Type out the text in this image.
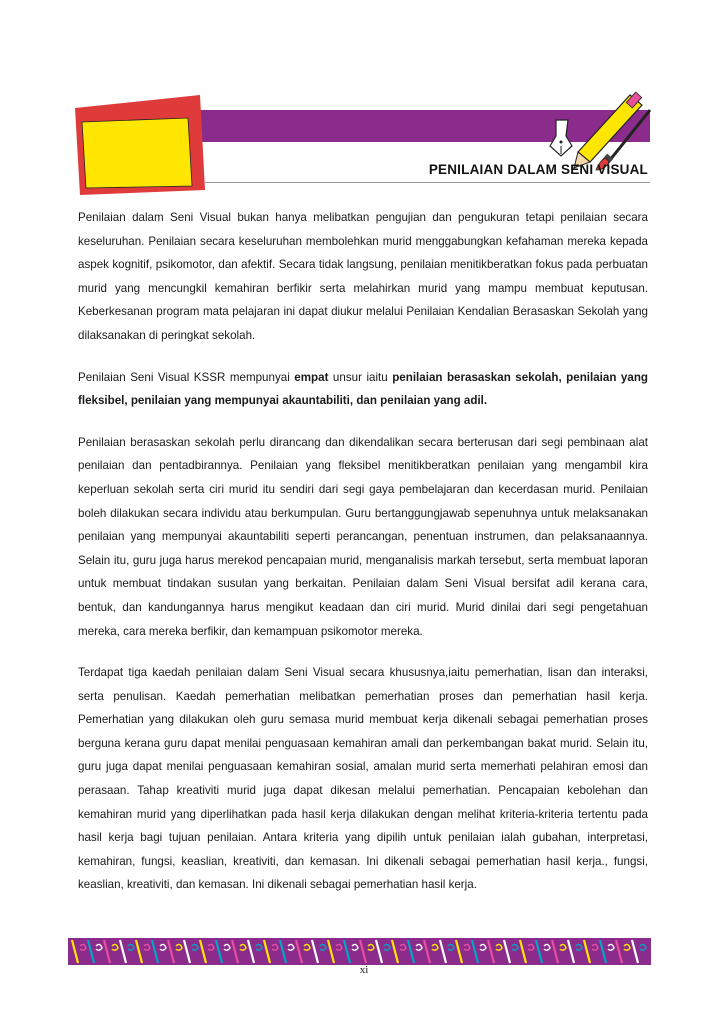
PENILAIAN DALAM SENI VISUAL

Penilaian dalam Seni Visual bukan hanya melibatkan pengujian dan pengukuran tetapi penilaian secara keseluruhan. Penilaian secara keseluruhan membolehkan murid menggabungkan kefahaman mereka kepada aspek kognitif, psikomotor, dan afektif. Secara tidak langsung, penilaian menitikberatkan fokus pada perbuatan murid yang mencungkil kemahiran berfikir serta melahirkan murid yang mampu membuat keputusan. Keberkesanan program mata pelajaran ini dapat diukur melalui Penilaian Kendalian Berasaskan Sekolah yang dilaksanakan di peringkat sekolah.

Penilaian Seni Visual KSSR mempunyai empat unsur iaitu penilaian berasaskan sekolah, penilaian yang fleksibel, penilaian yang mempunyai akauntabiliti, dan penilaian yang adil.

Penilaian berasaskan sekolah perlu dirancang dan dikendalikan secara berterusan dari segi pembinaan alat penilaian dan pentadbirannya. Penilaian yang fleksibel menitikberatkan penilaian yang mengambil kira keperluan sekolah serta ciri murid itu sendiri dari segi gaya pembelajaran dan kecerdasan murid. Penilaian boleh dilakukan secara individu atau berkumpulan. Guru bertanggungjawab sepenuhnya untuk melaksanakan penilaian yang mempunyai akauntabiliti seperti perancangan, penentuan instrumen, dan pelaksanaannya. Selain itu, guru juga harus merekod pencapaian murid, menganalisis markah tersebut, serta membuat laporan untuk membuat tindakan susulan yang berkaitan. Penilaian dalam Seni Visual bersifat adil kerana cara, bentuk, dan kandungannya harus mengikut keadaan dan ciri murid. Murid dinilai dari segi pengetahuan mereka, cara mereka berfikir, dan kemampuan psikomotor mereka.

Terdapat tiga kaedah penilaian dalam Seni Visual secara khususnya,iaitu pemerhatian, lisan dan interaksi, serta penulisan. Kaedah pemerhatian melibatkan pemerhatian proses dan pemerhatian hasil kerja. Pemerhatian yang dilakukan oleh guru semasa murid membuat kerja dikenali sebagai pemerhatian proses berguna kerana guru dapat menilai penguasaan kemahiran amali dan perkembangan bakat murid. Selain itu, guru juga dapat menilai penguasaan kemahiran sosial, amalan murid serta memerhati pelahiran emosi dan perasaan. Tahap kreativiti murid juga dapat dikesan melalui pemerhatian. Pencapaian kebolehan dan kemahiran murid yang diperlihatkan pada hasil kerja dilakukan dengan melihat kriteria-kriteria tertentu pada hasil kerja bagi tujuan penilaian. Antara kriteria yang dipilih untuk penilaian ialah gubahan, interpretasi, kemahiran, fungsi, keaslian, kreativiti, dan kemasan. Ini dikenali sebagai pemerhatian hasil kerja., fungsi, keaslian, kreativiti, dan kemasan. Ini dikenali sebagai pemerhatian hasil kerja.

xi
